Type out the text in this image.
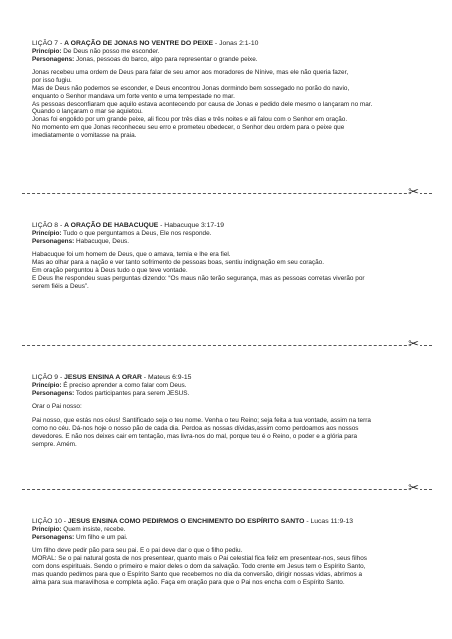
LIÇÃO 7 - A ORAÇÃO DE JONAS NO VENTRE DO PEIXE - Jonas 2:1-10

Princípio: De Deus não posso me esconder.

Personagens: Jonas, pessoas do barco, algo para representar o grande peixe.

Jonas recebeu uma ordem de Deus para falar de seu amor aos moradores de Nínive, mas ele não queria fazer,

por isso fugiu.

Mas de Deus não podemos se esconder, e Deus encontrou Jonas dormindo bem sossegado no porão do navio,

enquanto o Senhor mandava um forte vento e uma tempestade no mar.

As pessoas desconfiaram que aquilo estava acontecendo por causa de Jonas e pedido dele mesmo o lançaram no mar.

Quando o lançaram o mar se aquietou.

Jonas foi engolido por um grande peixe, ali ficou por três dias e três noites e ali falou com o Senhor em oração.

No momento em que Jonas reconheceu seu erro e prometeu obedecer, o Senhor deu ordem para o peixe que

imediatamente o vomitasse na praia.

✂

LIÇÃO 8 - A ORAÇÃO DE HABACUQUE - Habacuque 3:17-19

Princípio: Tudo o que perguntamos a Deus, Ele nos responde.

Personagens: Habacuque, Deus.

Habacuque foi um homem de Deus, que o amava, temia e lhe era fiel.

Mas ao olhar para a nação e ver tanto sofrimento de pessoas boas, sentiu indignação em seu coração.

Em oração perguntou à Deus tudo o que teve vontade.

E Deus lhe respondeu suas perguntas dizendo: “Os maus não terão segurança, mas as pessoas corretas viverão por

serem fiéis a Deus”.

✂

LIÇÃO 9 - JESUS ENSINA A ORAR - Mateus 6:9-15

Princípio: É preciso aprender a como falar com Deus.

Personagens: Todos participantes para serem JESUS.

Orar o Pai nosso:

Pai nosso, que estás nos céus! Santificado seja o teu nome. Venha o teu Reino; seja feita a tua vontade, assim na terra

como no céu. Dá-nos hoje o nosso pão de cada dia. Perdoa as nossas dívidas,assim como perdoamos aos nossos

devedores. E não nos deixes cair em tentação, mas livra-nos do mal, porque teu é o Reino, o poder e a glória para

sempre. Amém.

✂

LIÇÃO 10 - JESUS ENSINA COMO PEDIRMOS O ENCHIMENTO DO ESPÍRITO SANTO - Lucas 11:9-13

Princípio: Quem insiste, recebe.

Personagens: Um filho e um pai.

Um filho deve pedir pão para seu pai. E o pai deve dar o que o filho pediu.

MORAL: Se o pai natural gosta de nos presentear, quanto mais o Pai celestial fica feliz em presentear-nos, seus filhos

com dons espirituais. Sendo o primeiro e maior deles o dom da salvação. Todo crente em Jesus tem o Espírito Santo,

mas quando pedimos para que o Espírito Santo que recebemos no dia da conversão, dirigir nossas vidas, abrimos a

alma para sua maravilhosa e completa ação. Faça em oração para que o Pai nos encha com o Espírito Santo.
